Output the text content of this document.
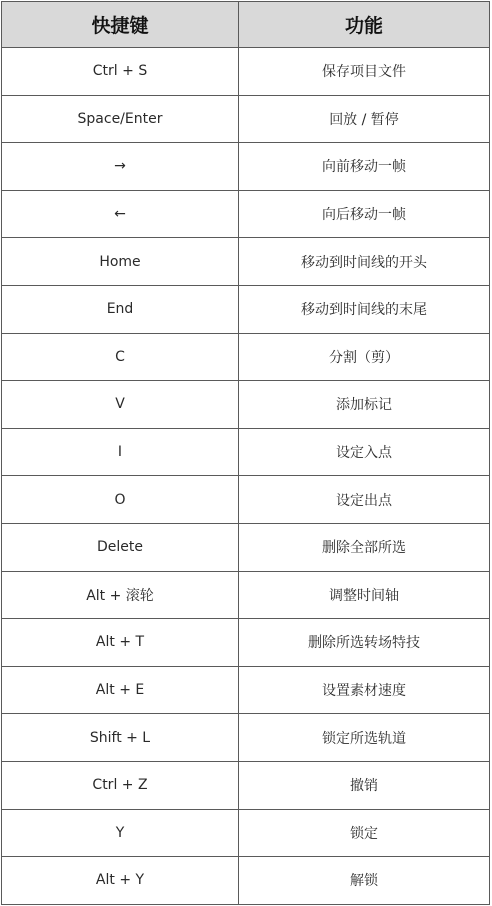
快捷键	功能
Ctrl + S	保存项目文件
Space/Enter	回放 / 暂停
→	向前移动一帧
←	向后移动一帧
Home	移动到时间线的开头
End	移动到时间线的末尾
C	分割（剪）
V	添加标记
I	设定入点
O	设定出点
Delete	删除全部所选
Alt + 滚轮	调整时间轴
Alt + T	删除所选转场特技
Alt + E	设置素材速度
Shift + L	锁定所选轨道
Ctrl + Z	撤销
Y	锁定
Alt + Y	解锁
